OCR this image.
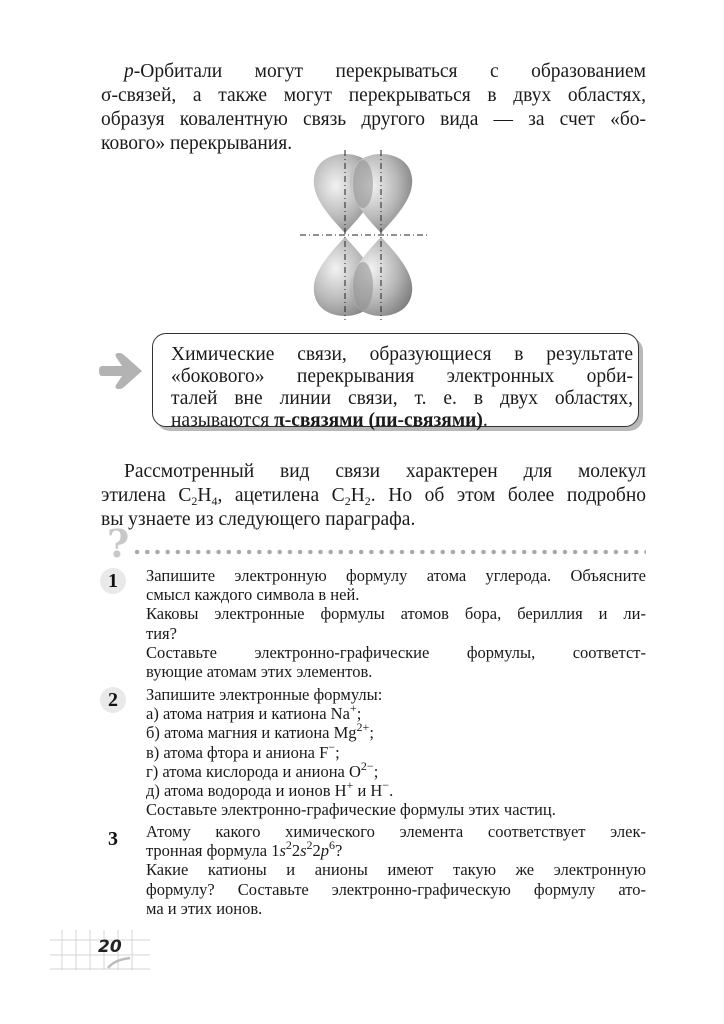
p-Орбитали могут перекрываться с образованием
σ-связей, а также могут перекрываться в двух областях,
образуя ковалентную связь другого вида — за счет «бо-
кового» перекрывания.
Химические связи, образующиеся в результате
«бокового» перекрывания электронных орби-
талей вне линии связи, т. е. в двух областях,
называются π-связями (пи-связями).
Рассмотренный вид связи характерен для молекул
этилена $C_2H_4$, ацетилена $C_2H_2$. Но об этом более подробно
вы узнаете из следующего параграфа.
?
1	Запишите электронную формулу атома углерода. Объясните
смысл каждого символа в ней.
Каковы электронные формулы атомов бора, бериллия и ли-
тия?
Составьте электронно-графические формулы, соответст-
вующие атомам этих элементов.
2	Запишите электронные формулы:
а) атома натрия и катиона Na+;
б) атома магния и катиона $Mg^{2+}$;
в) атома фтора и аниона F−;
г) атома кислорода и аниона $O^{2-}$;
д) атома водорода и ионов H+ и H−.
Составьте электронно-графические формулы этих частиц.
3	Атому какого химического элемента соответствует элек-
тронная формула $1s^22s^22p^6$?
Какие катионы и анионы имеют такую же электронную
формулу? Составьте электронно-графическую формулу ато-
ма и этих ионов.
20
